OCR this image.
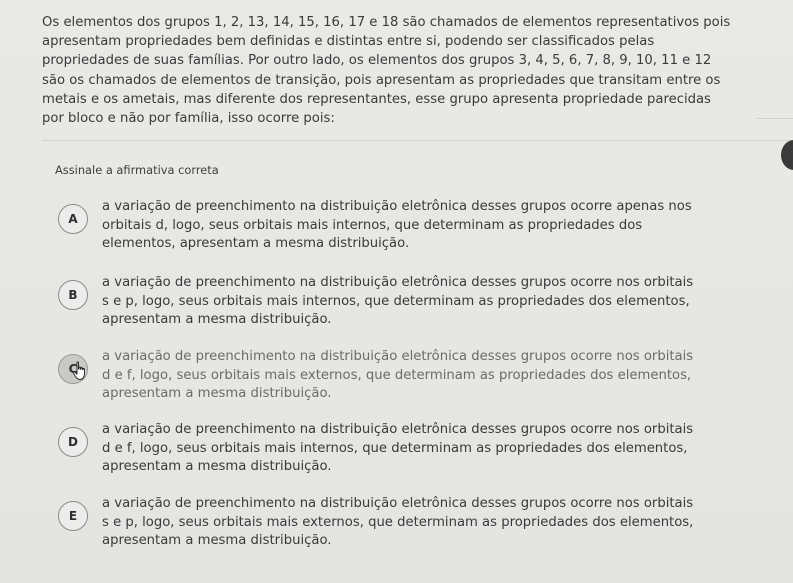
Os elementos dos grupos 1, 2, 13, 14, 15, 16, 17 e 18 são chamados de elementos representativos pois apresentam propriedades bem definidas e distintas entre si, podendo ser classificados pelas propriedades de suas famílias. Por outro lado, os elementos dos grupos 3, 4, 5, 6, 7, 8, 9, 10, 11 e 12 são os chamados de elementos de transição, pois apresentam as propriedades que transitam entre os metais e os ametais, mas diferente dos representantes, esse grupo apresenta propriedade parecidas por bloco e não por família, isso ocorre pois:

Assinale a afirmativa correta

A

a variação de preenchimento na distribuição eletrônica desses grupos ocorre apenas nos orbitais d, logo, seus orbitais mais internos, que determinam as propriedades dos elementos, apresentam a mesma distribuição.

B

a variação de preenchimento na distribuição eletrônica desses grupos ocorre nos orbitais s e p, logo, seus orbitais mais internos, que determinam as propriedades dos elementos, apresentam a mesma distribuição.

C

a variação de preenchimento na distribuição eletrônica desses grupos ocorre nos orbitais d e f, logo, seus orbitais mais externos, que determinam as propriedades dos elementos, apresentam a mesma distribuição.

D

a variação de preenchimento na distribuição eletrônica desses grupos ocorre nos orbitais d e f, logo, seus orbitais mais internos, que determinam as propriedades dos elementos, apresentam a mesma distribuição.

E

a variação de preenchimento na distribuição eletrônica desses grupos ocorre nos orbitais s e p, logo, seus orbitais mais externos, que determinam as propriedades dos elementos, apresentam a mesma distribuição.
